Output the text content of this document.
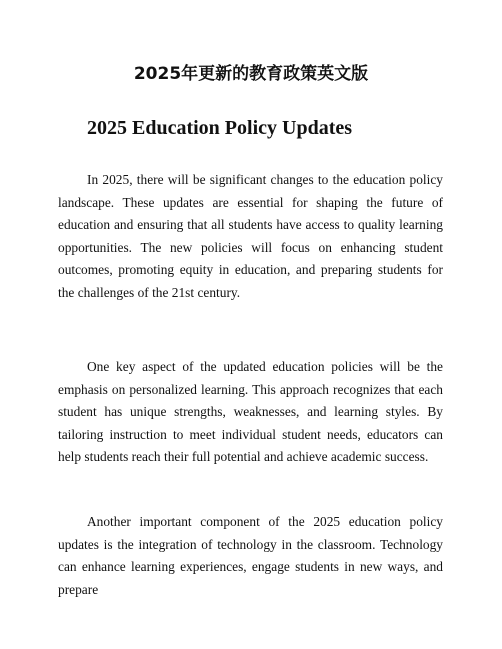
2025年更新的教育政策英文版
2025 Education Policy Updates

In 2025, there will be significant changes to the education policy landscape. These updates are essential for shaping the future of education and ensuring that all students have access to quality learning opportunities. The new policies will focus on enhancing student outcomes, promoting equity in education, and preparing students for the challenges of the 21st century.

One key aspect of the updated education policies will be the emphasis on personalized learning. This approach recognizes that each student has unique strengths, weaknesses, and learning styles. By tailoring instruction to meet individual student needs, educators can help students reach their full potential and achieve academic success.

Another important component of the 2025 education policy updates is the integration of technology in the classroom. Technology can enhance learning experiences, engage students in new ways, and prepare
